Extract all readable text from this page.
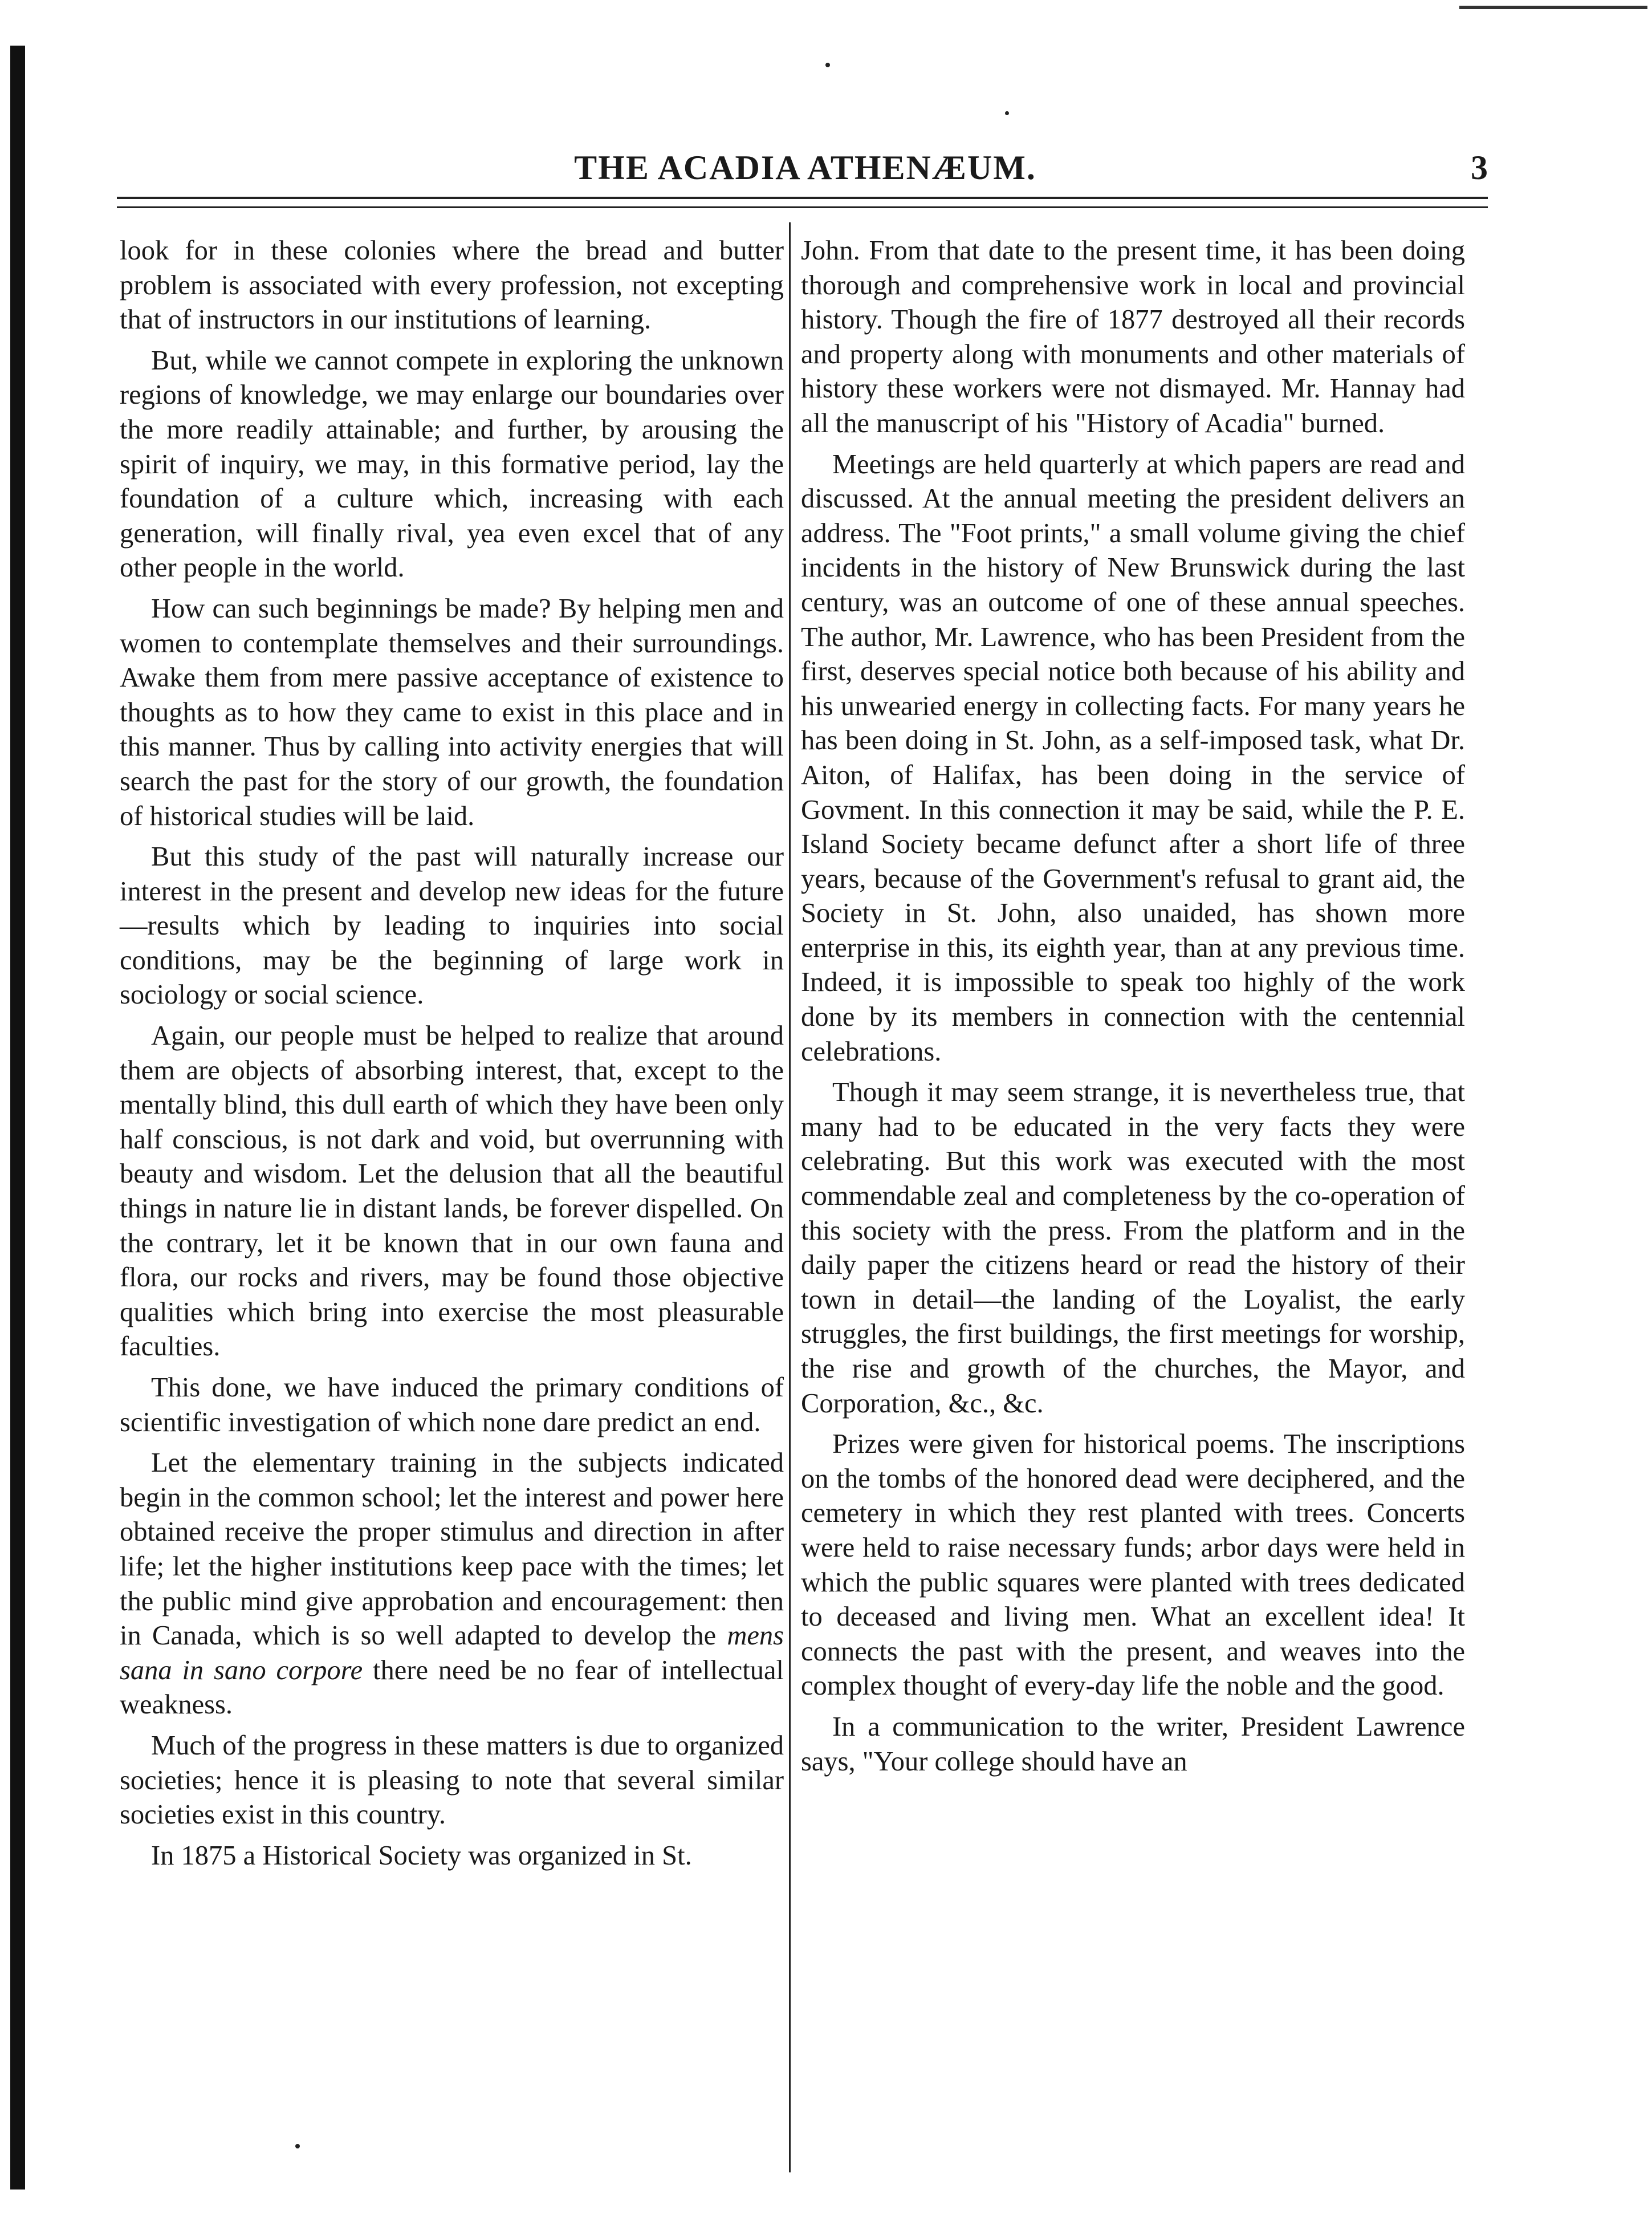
THE ACADIA ATHENÆUM.	3

look for in these colonies where the bread and butter problem is associated with every profession, not excepting that of instructors in our institutions of learning.

But, while we cannot compete in exploring the unknown regions of knowledge, we may enlarge our boundaries over the more readily attainable; and further, by arousing the spirit of inquiry, we may, in this formative period, lay the foundation of a culture which, increasing with each generation, will finally rival, yea even excel that of any other people in the world.

How can such beginnings be made? By helping men and women to contemplate themselves and their surroundings. Awake them from mere passive acceptance of existence to thoughts as to how they came to exist in this place and in this manner. Thus by calling into activity energies that will search the past for the story of our growth, the foundation of historical studies will be laid.

But this study of the past will naturally increase our interest in the present and develop new ideas for the future—results which by leading to inquiries into social conditions, may be the beginning of large work in sociology or social science.

Again, our people must be helped to realize that around them are objects of absorbing interest, that, except to the mentally blind, this dull earth of which they have been only half conscious, is not dark and void, but overrunning with beauty and wisdom. Let the delusion that all the beautiful things in nature lie in distant lands, be forever dispelled. On the contrary, let it be known that in our own fauna and flora, our rocks and rivers, may be found those objective qualities which bring into exercise the most pleasurable faculties.

This done, we have induced the primary conditions of scientific investigation of which none dare predict an end.

Let the elementary training in the subjects indicated begin in the common school; let the interest and power here obtained receive the proper stimulus and direction in after life; let the higher institutions keep pace with the times; let the public mind give approbation and encouragement: then in Canada, which is so well adapted to develop the mens sana in sano corpore there need be no fear of intellectual weakness.

Much of the progress in these matters is due to organized societies; hence it is pleasing to note that several similar societies exist in this country.

In 1875 a Historical Society was organized in St.

John. From that date to the present time, it has been doing thorough and comprehensive work in local and provincial history. Though the fire of 1877 destroyed all their records and property along with monuments and other materials of history these workers were not dismayed. Mr. Hannay had all the manuscript of his "History of Acadia" burned.

Meetings are held quarterly at which papers are read and discussed. At the annual meeting the president delivers an address. The "Foot prints," a small volume giving the chief incidents in the history of New Brunswick during the last century, was an outcome of one of these annual speeches. The author, Mr. Lawrence, who has been President from the first, deserves special notice both because of his ability and his unwearied energy in collecting facts. For many years he has been doing in St. John, as a self-imposed task, what Dr. Aiton, of Halifax, has been doing in the service of Govment. In this connection it may be said, while the P. E. Island Society became defunct after a short life of three years, because of the Government's refusal to grant aid, the Society in St. John, also unaided, has shown more enterprise in this, its eighth year, than at any previous time. Indeed, it is impossible to speak too highly of the work done by its members in connection with the centennial celebrations.

Though it may seem strange, it is nevertheless true, that many had to be educated in the very facts they were celebrating. But this work was executed with the most commendable zeal and completeness by the co-operation of this society with the press. From the platform and in the daily paper the citizens heard or read the history of their town in detail—the landing of the Loyalist, the early struggles, the first buildings, the first meetings for worship, the rise and growth of the churches, the Mayor, and Corporation, &c., &c.

Prizes were given for historical poems. The inscriptions on the tombs of the honored dead were deciphered, and the cemetery in which they rest planted with trees. Concerts were held to raise necessary funds; arbor days were held in which the public squares were planted with trees dedicated to deceased and living men. What an excellent idea! It connects the past with the present, and weaves into the complex thought of every-day life the noble and the good.

In a communication to the writer, President Lawrence says, "Your college should have an
